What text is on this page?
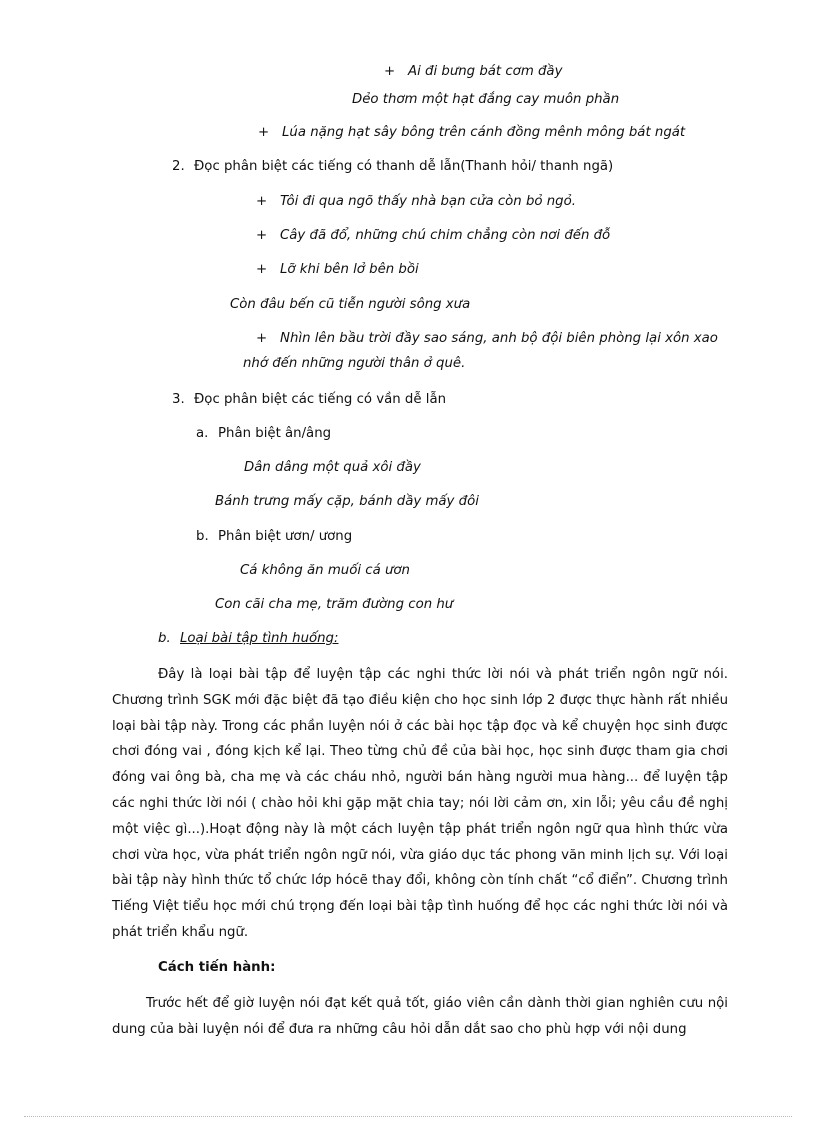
+ Ai đi bưng bát cơm đầy
Dẻo thơm một hạt đắng cay muôn phần
+ Lúa nặng hạt sây bông trên cánh đồng mênh mông bát ngát
2. Đọc phân biệt các tiếng có thanh dễ lẫn(Thanh hỏi/ thanh ngã)
+ Tôi đi qua ngõ thấy nhà bạn cửa còn bỏ ngỏ.
+ Cây đã đổ, những chú chim chẳng còn nơi đến đỗ
+ Lỡ khi bên lở bên bồi
Còn đâu bến cũ tiễn người sông xưa
+ Nhìn lên bầu trời đầy sao sáng, anh bộ đội biên phòng lại xôn xao
nhớ đến những người thân ở quê.
3. Đọc phân biệt các tiếng có vần dễ lẫn
a. Phân biệt ân/âng
Dân dâng một quả xôi đầy
Bánh trưng mấy cặp, bánh dầy mấy đôi
b. Phân biệt ươn/ ương
Cá không ăn muối cá ươn
Con cãi cha mẹ, trăm đường con hư
b. Loại bài tập tình huống:

Đây là loại bài tập để luyện tập các nghi thức lời nói và phát triển ngôn ngữ nói. Chương trình SGK mới đặc biệt đã tạo điều kiện cho học sinh lớp 2 được thực hành rất nhiều loại bài tập này. Trong các phần luyện nói ở các bài học tập đọc và kể chuyện học sinh được chơi đóng vai , đóng kịch kể lại. Theo từng chủ đề của bài học, học sinh được tham gia chơi đóng vai ông bà, cha mẹ và các cháu nhỏ, người bán hàng người mua hàng... để luyện tập các nghi thức lời nói ( chào hỏi khi gặp mặt chia tay; nói lời cảm ơn, xin lỗi; yêu cầu đề nghị một việc gì...).Hoạt động này là một cách luyện tập phát triển ngôn ngữ qua hình thức vừa chơi vừa học, vừa phát triển ngôn ngữ nói, vừa giáo dục tác phong văn minh lịch sự. Với loại bài tập này hình thức tổ chức lớp hócẽ thay đổi, không còn tính chất “cổ điển”. Chương trình Tiếng Việt tiểu học mới chú trọng đến loại bài tập tình huống để học các nghi thức lời nói và phát triển khẩu ngữ.

Cách tiến hành:

Trước hết để giờ luyện nói đạt kết quả tốt, giáo viên cần dành thời gian nghiên cưu nội dung của bài luyện nói để đưa ra những câu hỏi dẫn dắt sao cho phù hợp với nội dung
